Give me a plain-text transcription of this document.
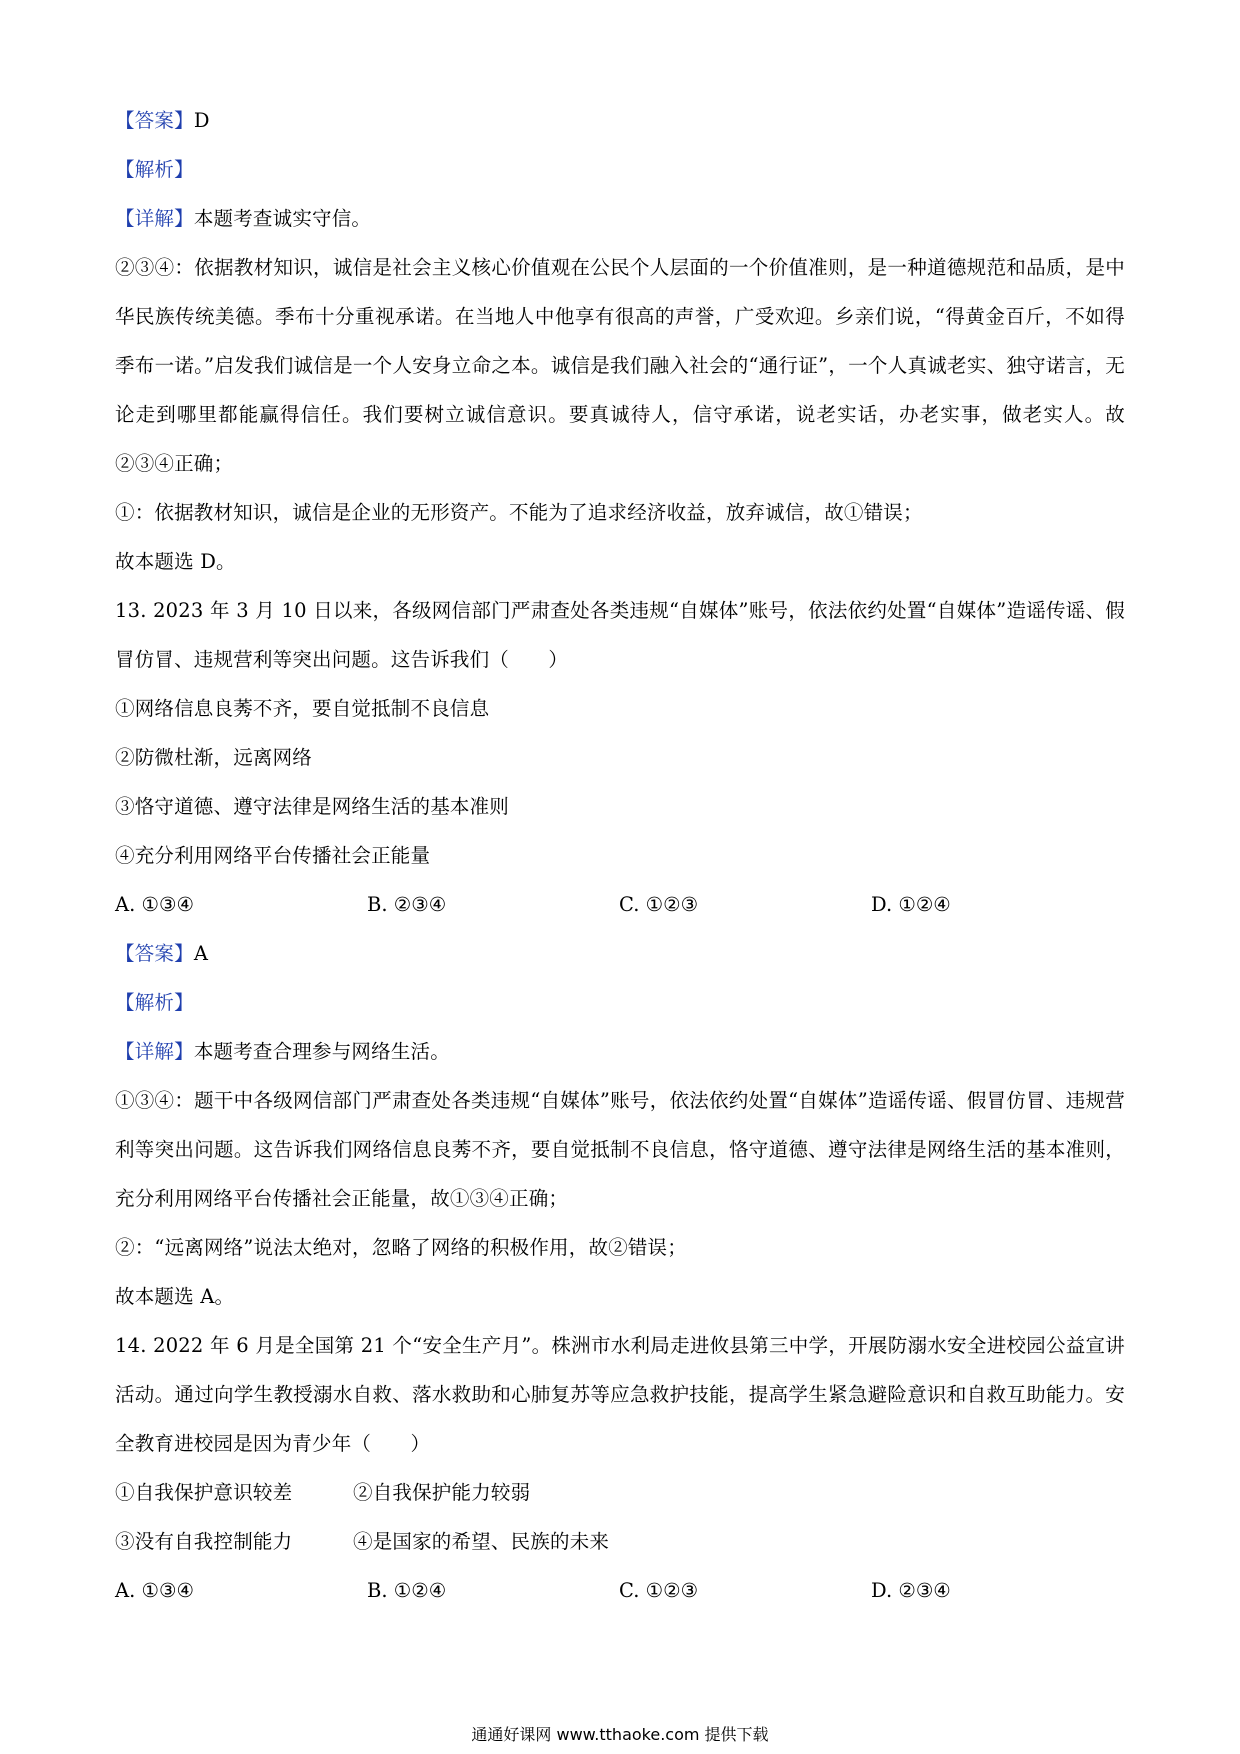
【答案】D
【解析】
【详解】本题考查诚实守信。
②③④：依据教材知识，诚信是社会主义核心价值观在公民个人层面的一个价值准则，是一种道德规范和品质，是中华民族传统美德。季布十分重视承诺。在当地人中他享有很高的声誉，广受欢迎。乡亲们说，“得黄金百斤，不如得季布一诺。”启发我们诚信是一个人安身立命之本。诚信是我们融入社会的“通行证”，一个人真诚老实、独守诺言，无论走到哪里都能赢得信任。我们要树立诚信意识。要真诚待人，信守承诺，说老实话，办老实事，做老实人。故②③④正确；
①：依据教材知识，诚信是企业的无形资产。不能为了追求经济收益，放弃诚信，故①错误；
故本题选 D。
13. 2023 年 3 月 10 日以来，各级网信部门严肃查处各类违规“自媒体”账号，依法依约处置“自媒体”造谣传谣、假冒仿冒、违规营利等突出问题。这告诉我们（　　）
①网络信息良莠不齐，要自觉抵制不良信息
②防微杜渐，远离网络
③恪守道德、遵守法律是网络生活的基本准则
④充分利用网络平台传播社会正能量
A. ①③④	B. ②③④	C. ①②③	D. ①②④
【答案】A
【解析】
【详解】本题考查合理参与网络生活。
①③④：题干中各级网信部门严肃查处各类违规“自媒体”账号，依法依约处置“自媒体”造谣传谣、假冒仿冒、违规营利等突出问题。这告诉我们网络信息良莠不齐，要自觉抵制不良信息，恪守道德、遵守法律是网络生活的基本准则，充分利用网络平台传播社会正能量，故①③④正确；
②：“远离网络”说法太绝对，忽略了网络的积极作用，故②错误；
故本题选 A。
14. 2022 年 6 月是全国第 21 个“安全生产月”。株洲市水利局走进攸县第三中学，开展防溺水安全进校园公益宣讲活动。通过向学生教授溺水自救、落水救助和心肺复苏等应急救护技能，提高学生紧急避险意识和自救互助能力。安全教育进校园是因为青少年（　　）
①自我保护意识较差	②自我保护能力较弱
③没有自我控制能力	④是国家的希望、民族的未来
A. ①③④	B. ①②④	C. ①②③	D. ②③④
通通好课网 www.tthaoke.com 提供下载
